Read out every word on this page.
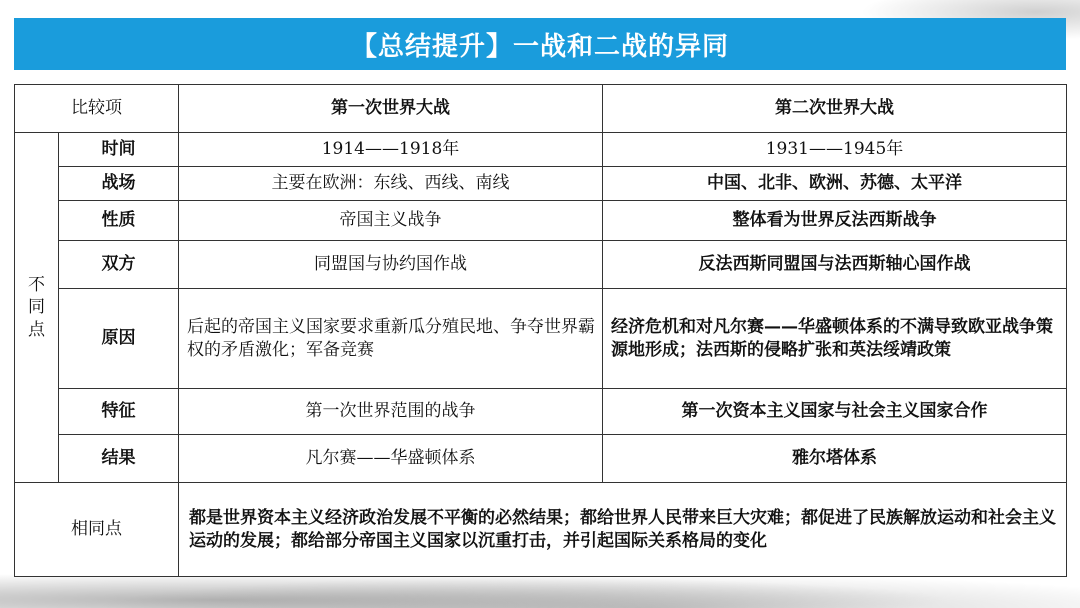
【总结提升】一战和二战的异同
比较项		第一次世界大战	第二次世界大战
不同点	时间	1914——1918年	1931——1945年
	战场	主要在欧洲：东线、西线、南线	中国、北非、欧洲、苏德、太平洋
	性质	帝国主义战争	整体看为世界反法西斯战争
	双方	同盟国与协约国作战	反法西斯同盟国与法西斯轴心国作战
	原因	后起的帝国主义国家要求重新瓜分殖民地、争夺世界霸权的矛盾激化；军备竞赛	经济危机和对凡尔赛——华盛顿体系的不满导致欧亚战争策源地形成；法西斯的侵略扩张和英法绥靖政策
	特征	第一次世界范围的战争	第一次资本主义国家与社会主义国家合作
	结果	凡尔赛——华盛顿体系	雅尔塔体系
相同点		都是世界资本主义经济政治发展不平衡的必然结果；都给世界人民带来巨大灾难；都促进了民族解放运动和社会主义运动的发展；都给部分帝国主义国家以沉重打击，并引起国际关系格局的变化	
